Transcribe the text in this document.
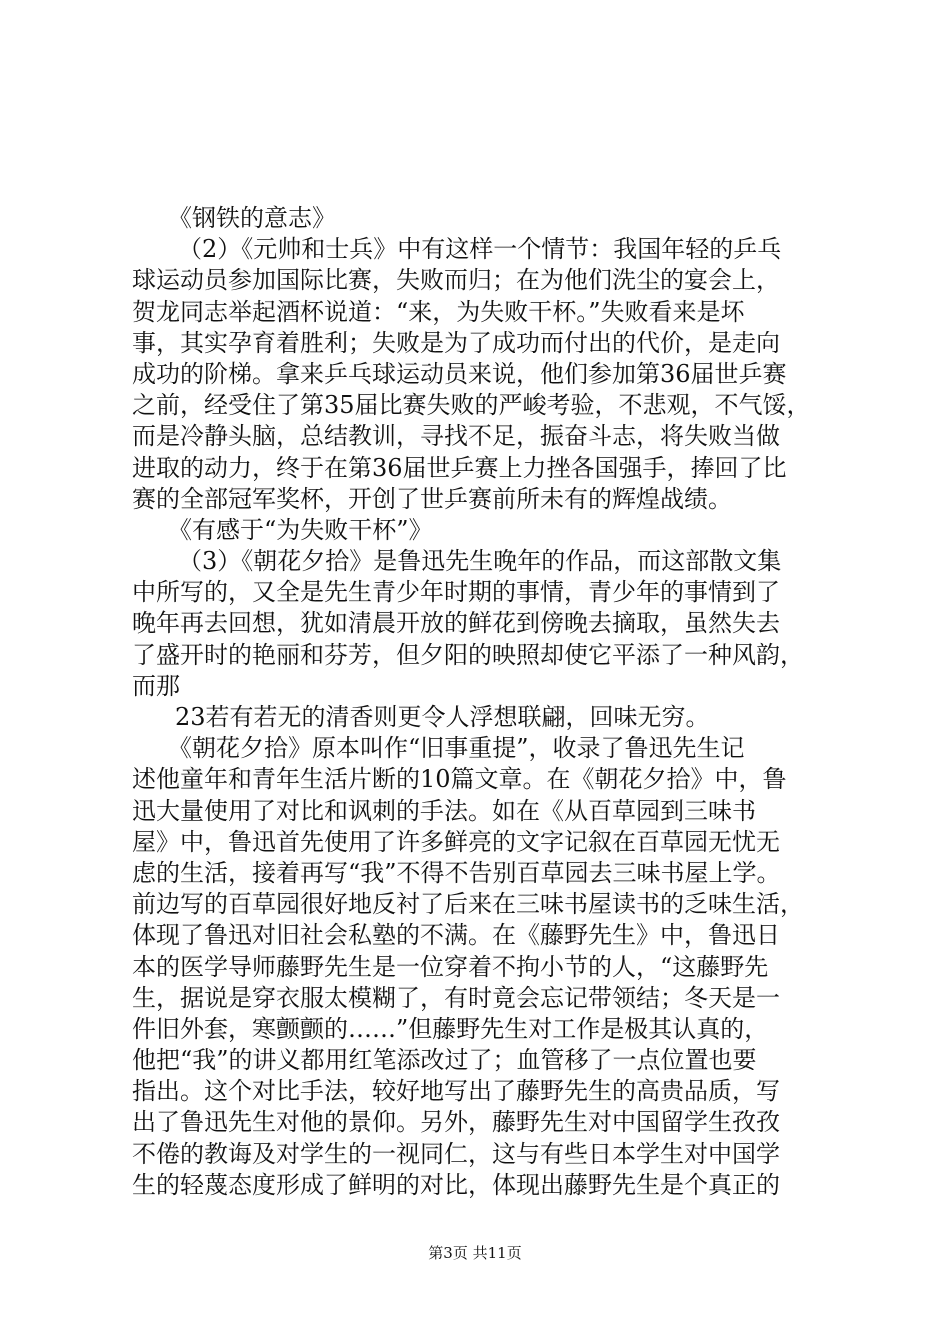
《钢铁的意志》
（2）《元帅和士兵》中有这样一个情节：我国年轻的乒乓
球运动员参加国际比赛，失败而归；在为他们洗尘的宴会上，
贺龙同志举起酒杯说道：“来，为失败干杯。”失败看来是坏
事，其实孕育着胜利；失败是为了成功而付出的代价，是走向
成功的阶梯。拿来乒乓球运动员来说，他们参加第36届世乒赛
之前，经受住了第35届比赛失败的严峻考验，不悲观，不气馁，
而是冷静头脑，总结教训，寻找不足，振奋斗志，将失败当做
进取的动力，终于在第36届世乒赛上力挫各国强手，捧回了比
赛的全部冠军奖杯，开创了世乒赛前所未有的辉煌战绩。
《有感于“为失败干杯”》
（3）《朝花夕拾》是鲁迅先生晚年的作品，而这部散文集
中所写的，又全是先生青少年时期的事情，青少年的事情到了
晚年再去回想，犹如清晨开放的鲜花到傍晚去摘取，虽然失去
了盛开时的艳丽和芬芳，但夕阳的映照却使它平添了一种风韵，
而那
23若有若无的清香则更令人浮想联翩，回味无穷。
《朝花夕拾》原本叫作“旧事重提”，收录了鲁迅先生记
述他童年和青年生活片断的10篇文章。在《朝花夕拾》中，鲁
迅大量使用了对比和讽刺的手法。如在《从百草园到三味书
屋》中，鲁迅首先使用了许多鲜亮的文字记叙在百草园无忧无
虑的生活，接着再写“我”不得不告别百草园去三味书屋上学。
前边写的百草园很好地反衬了后来在三味书屋读书的乏味生活，
体现了鲁迅对旧社会私塾的不满。在《藤野先生》中，鲁迅日
本的医学导师藤野先生是一位穿着不拘小节的人，“这藤野先
生，据说是穿衣服太模糊了，有时竟会忘记带领结；冬天是一
件旧外套，寒颤颤的……”但藤野先生对工作是极其认真的，
他把“我”的讲义都用红笔添改过了；血管移了一点位置也要
指出。这个对比手法，较好地写出了藤野先生的高贵品质，写
出了鲁迅先生对他的景仰。另外，藤野先生对中国留学生孜孜
不倦的教诲及对学生的一视同仁，这与有些日本学生对中国学
生的轻蔑态度形成了鲜明的对比，体现出藤野先生是个真正的
第3页 共11页
